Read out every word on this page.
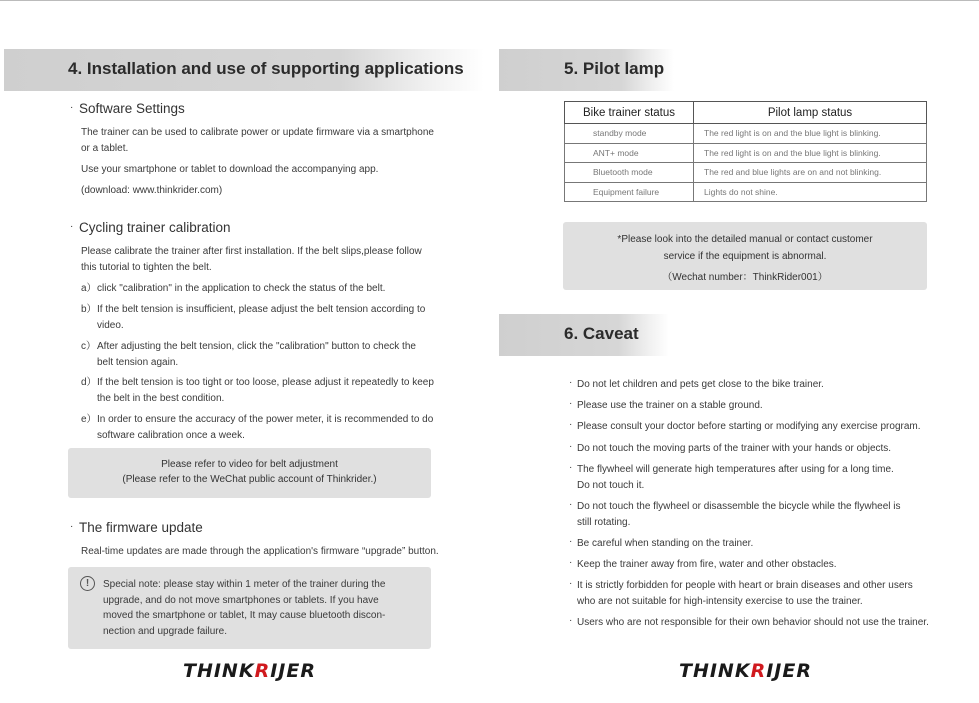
4. Installation and use of supporting applications
· Software Settings
The trainer can be used to calibrate power or update firmware via a smartphone
or a tablet.
Use your smartphone or tablet to download the accompanying app.
(download: www.thinkrider.com)
· Cycling trainer calibration
Please calibrate the trainer after first installation. If the belt slips,please follow
this tutorial to tighten the belt.
a） click "calibration" in the application to check the status of the belt.
b） If the belt tension is insufficient, please adjust the belt tension according to
video.
c） After adjusting the belt tension, click the "calibration" button to check the
belt tension again.
d） If the belt tension is too tight or too loose, please adjust it repeatedly to keep
the belt in the best condition.
e） In order to ensure the accuracy of the power meter, it is recommended to do
software calibration once a week.
Please refer to video for belt adjustment
(Please refer to the WeChat public account of Thinkrider.)
· The firmware update
Real-time updates are made through the application's firmware “upgrade” button.
!	Special note: please stay within 1 meter of the trainer during the
upgrade, and do not move smartphones or tablets. If you have
moved the smartphone or tablet, It may cause bluetooth discon-
nection and upgrade failure.
THINKRIJER
5. Pilot lamp
Bike trainer status	Pilot lamp status
standby mode	The red light is on and the blue light is blinking.
ANT+ mode	The red light is on and the blue light is blinking.
Bluetooth mode	The red and blue lights are on and not blinking.
Equipment failure	Lights do not shine.
*Please look into the detailed manual or contact customer
service if the equipment is abnormal.
（Wechat number：ThinkRider001）
6. Caveat
· Do not let children and pets get close to the bike trainer.
· Please use the trainer on a stable ground.
· Please consult your doctor before starting or modifying any exercise program.
· Do not touch the moving parts of the trainer with your hands or objects.
· The flywheel will generate high temperatures after using for a long time.
Do not touch it.
· Do not touch the flywheel or disassemble the bicycle while the flywheel is
still rotating.
· Be careful when standing on the trainer.
· Keep the trainer away from fire, water and other obstacles.
· It is strictly forbidden for people with heart or brain diseases and other users
who are not suitable for high-intensity exercise to use the trainer.
· Users who are not responsible for their own behavior should not use the trainer.
THINKRIJER
